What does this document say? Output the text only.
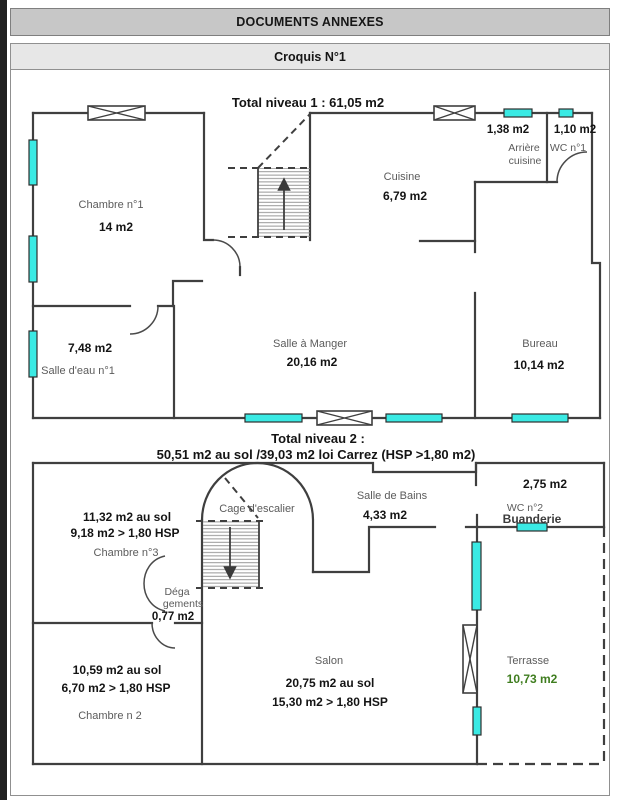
DOCUMENTS ANNEXES
Croquis N°1
Total niveau 1 : 61,05 m2
Chambre n°1
14 m2
Cuisine
6,79 m2
1,38 m2
Arrière
cuisine
1,10 m2
WC n°1
7,48 m2
Salle d'eau n°1
Salle à Manger
20,16 m2
Bureau
10,14 m2
Total niveau 2 :
50,51 m2 au sol /39,03 m2 loi Carrez (HSP >1,80 m2)
11,32 m2 au sol
9,18 m2 > 1,80 HSP
Chambre n°3
Cage d'escalier
Salle de Bains
4,33 m2
2,75 m2
WC n°2
Buanderie
Déga
gements
0,77 m2
10,59 m2 au sol
6,70 m2 > 1,80 HSP
Chambre n 2
Salon
20,75 m2 au sol
15,30 m2 > 1,80 HSP
Terrasse
10,73 m2
